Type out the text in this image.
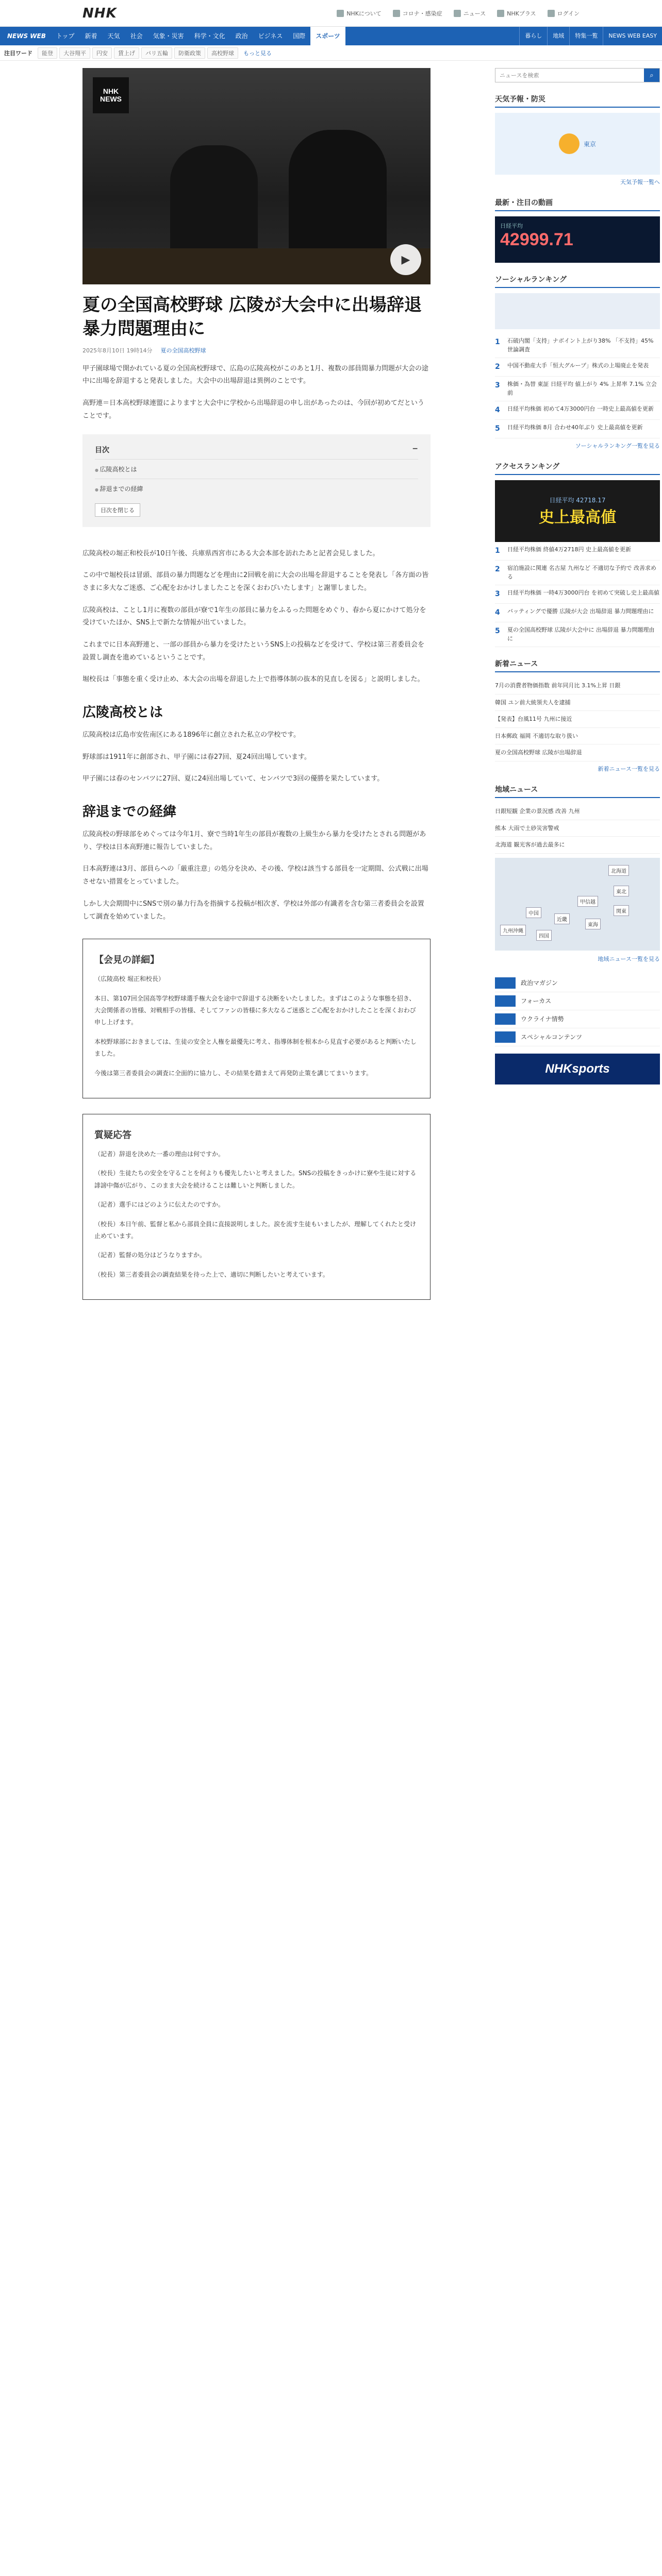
NHK	NHKについて	コロナ・感染症	ニュース	NHKプラス	ログイン
NEWS WEB	トップ	新着	天気	社会	気象・災害	科学・文化	政治	ビジネス	国際	スポーツ	暮らし	地域	特集一覧	NEWS WEB EASY
注目ワード	能登	大谷翔平	円安	賃上げ	パリ五輪	防衛政策	高校野球	もっと見る
NHK
NEWS
▶
夏の全国高校野球 広陵が大会中に出場辞退 暴力問題理由に
2025年8月10日 19時14分 夏の全国高校野球

甲子園球場で開かれている夏の全国高校野球で、広島の広陵高校がこのあと1月、複数の部員間暴力問題が大会の途中に出場を辞退すると発表しました。大会中の出場辞退は異例のことです。

高野連＝日本高校野球連盟によりますと大会中に学校から出場辞退の申し出があったのは、今回が初めてだということです。

目次	−
● 広陵高校とは
● 辞退までの経緯
目次を閉じる

広陵高校の堀正和校長が10日午後、兵庫県西宮市にある大会本部を訪れたあと記者会見しました。

この中で堀校長は冒頭、部員の暴力問題などを理由に2回戦を前に大会の出場を辞退することを発表し「各方面の皆さまに多大なご迷惑、ご心配をおかけしましたことを深くおわびいたします」と謝罪しました。

広陵高校は、ことし1月に複数の部員が寮で1年生の部員に暴力をふるった問題をめぐり、春から夏にかけて処分を受けていたほか、SNS上で新たな情報が出ていました。

これまでに日本高野連と、一部の部員から暴力を受けたというSNS上の投稿などを受けて、学校は第三者委員会を設置し調査を進めているということです。

堀校長は「事態を重く受け止め、本大会の出場を辞退した上で指導体制の抜本的見直しを図る」と説明しました。

広陵高校とは

広陵高校は広島市安佐南区にある1896年に創立された私立の学校です。

野球部は1911年に創部され、甲子園には春27回、夏24回出場しています。

甲子園には春のセンバツに27回、夏に24回出場していて、センバツで3回の優勝を果たしています。

辞退までの経緯

広陵高校の野球部をめぐっては今年1月、寮で当時1年生の部員が複数の上級生から暴力を受けたとされる問題があり、学校は日本高野連に報告していました。

日本高野連は3月、部員らへの「厳重注意」の処分を決め、その後、学校は該当する部員を一定期間、公式戦に出場させない措置をとっていました。

しかし大会期間中にSNSで別の暴力行為を指摘する投稿が相次ぎ、学校は外部の有識者を含む第三者委員会を設置して調査を始めていました。

【会見の詳細】

（広陵高校 堀正和校長）

本日、第107回全国高等学校野球選手権大会を途中で辞退する決断をいたしました。まずはこのような事態を招き、大会関係者の皆様、対戦相手の皆様、そしてファンの皆様に多大なるご迷惑とご心配をおかけしたことを深くおわび申し上げます。

本校野球部におきましては、生徒の安全と人権を最優先に考え、指導体制を根本から見直す必要があると判断いたしました。

今後は第三者委員会の調査に全面的に協力し、その結果を踏まえて再発防止策を講じてまいります。

質疑応答

（記者）辞退を決めた一番の理由は何ですか。

（校長）生徒たちの安全を守ることを何よりも優先したいと考えました。SNSの投稿をきっかけに寮や生徒に対する誹謗中傷が広がり、このまま大会を続けることは難しいと判断しました。

（記者）選手にはどのように伝えたのですか。

（校長）本日午前、監督と私から部員全員に直接説明しました。涙を流す生徒もいましたが、理解してくれたと受け止めています。

（記者）監督の処分はどうなりますか。

（校長）第三者委員会の調査結果を待った上で、適切に判断したいと考えています。

ニュースを検索
⌕
天気予報・防災
東京
天気予報一覧へ
最新・注目の動画
日経平均
42999.71
ソーシャルランキング
1	石破内閣「支持」ナボイント上がり38% 「不支持」45% 世論調査
2	中国不動産大手「恒大グループ」株式の上場廃止を発表
3	株価・為替 東証 日経平均 値上がり 4% 上昇率 7.1% 立会前
4	日経平均株価 初めて4万3000円台 一時史上最高値を更新
5	日経平均株価 8月 合わせ40年ぶり 史上最高値を更新
ソーシャルランキング一覧を見る
アクセスランキング
日経平均 42718.17
史上最高値
1	日経平均株価 終値4万2718円 史上最高値を更新
2	宿泊施設に関連 名古屋 九州など 不適切な予約で 改善求める
3	日経平均株価 一時4万3000円台 を初めて突破し史上最高値
4	バッティングで優勝 広陵が大会 出場辞退 暴力問題理由に
5	夏の全国高校野球 広陵が大会中に 出場辞退 暴力問題理由に
新着ニュース
7月の消費者物価指数 前年同月比 3.1%上昇 日銀
韓国 ユン前大統領夫人を逮捕
【発表】台風11号 九州に接近
日本郵政 福岡 不適切な取り扱い
夏の全国高校野球 広陵が出場辞退
新着ニュース一覧を見る
地域ニュース
日銀短観 企業の景況感 改善 九州
熊本 大雨で土砂災害警戒
北海道 観光客が過去最多に
北海道
東北
関東
甲信越
東海
近畿
中国
四国
九州沖縄
地域ニュース一覧を見る
政治マガジン
フォーカス
ウクライナ情勢
スペシャルコンテンツ
NHKsports
